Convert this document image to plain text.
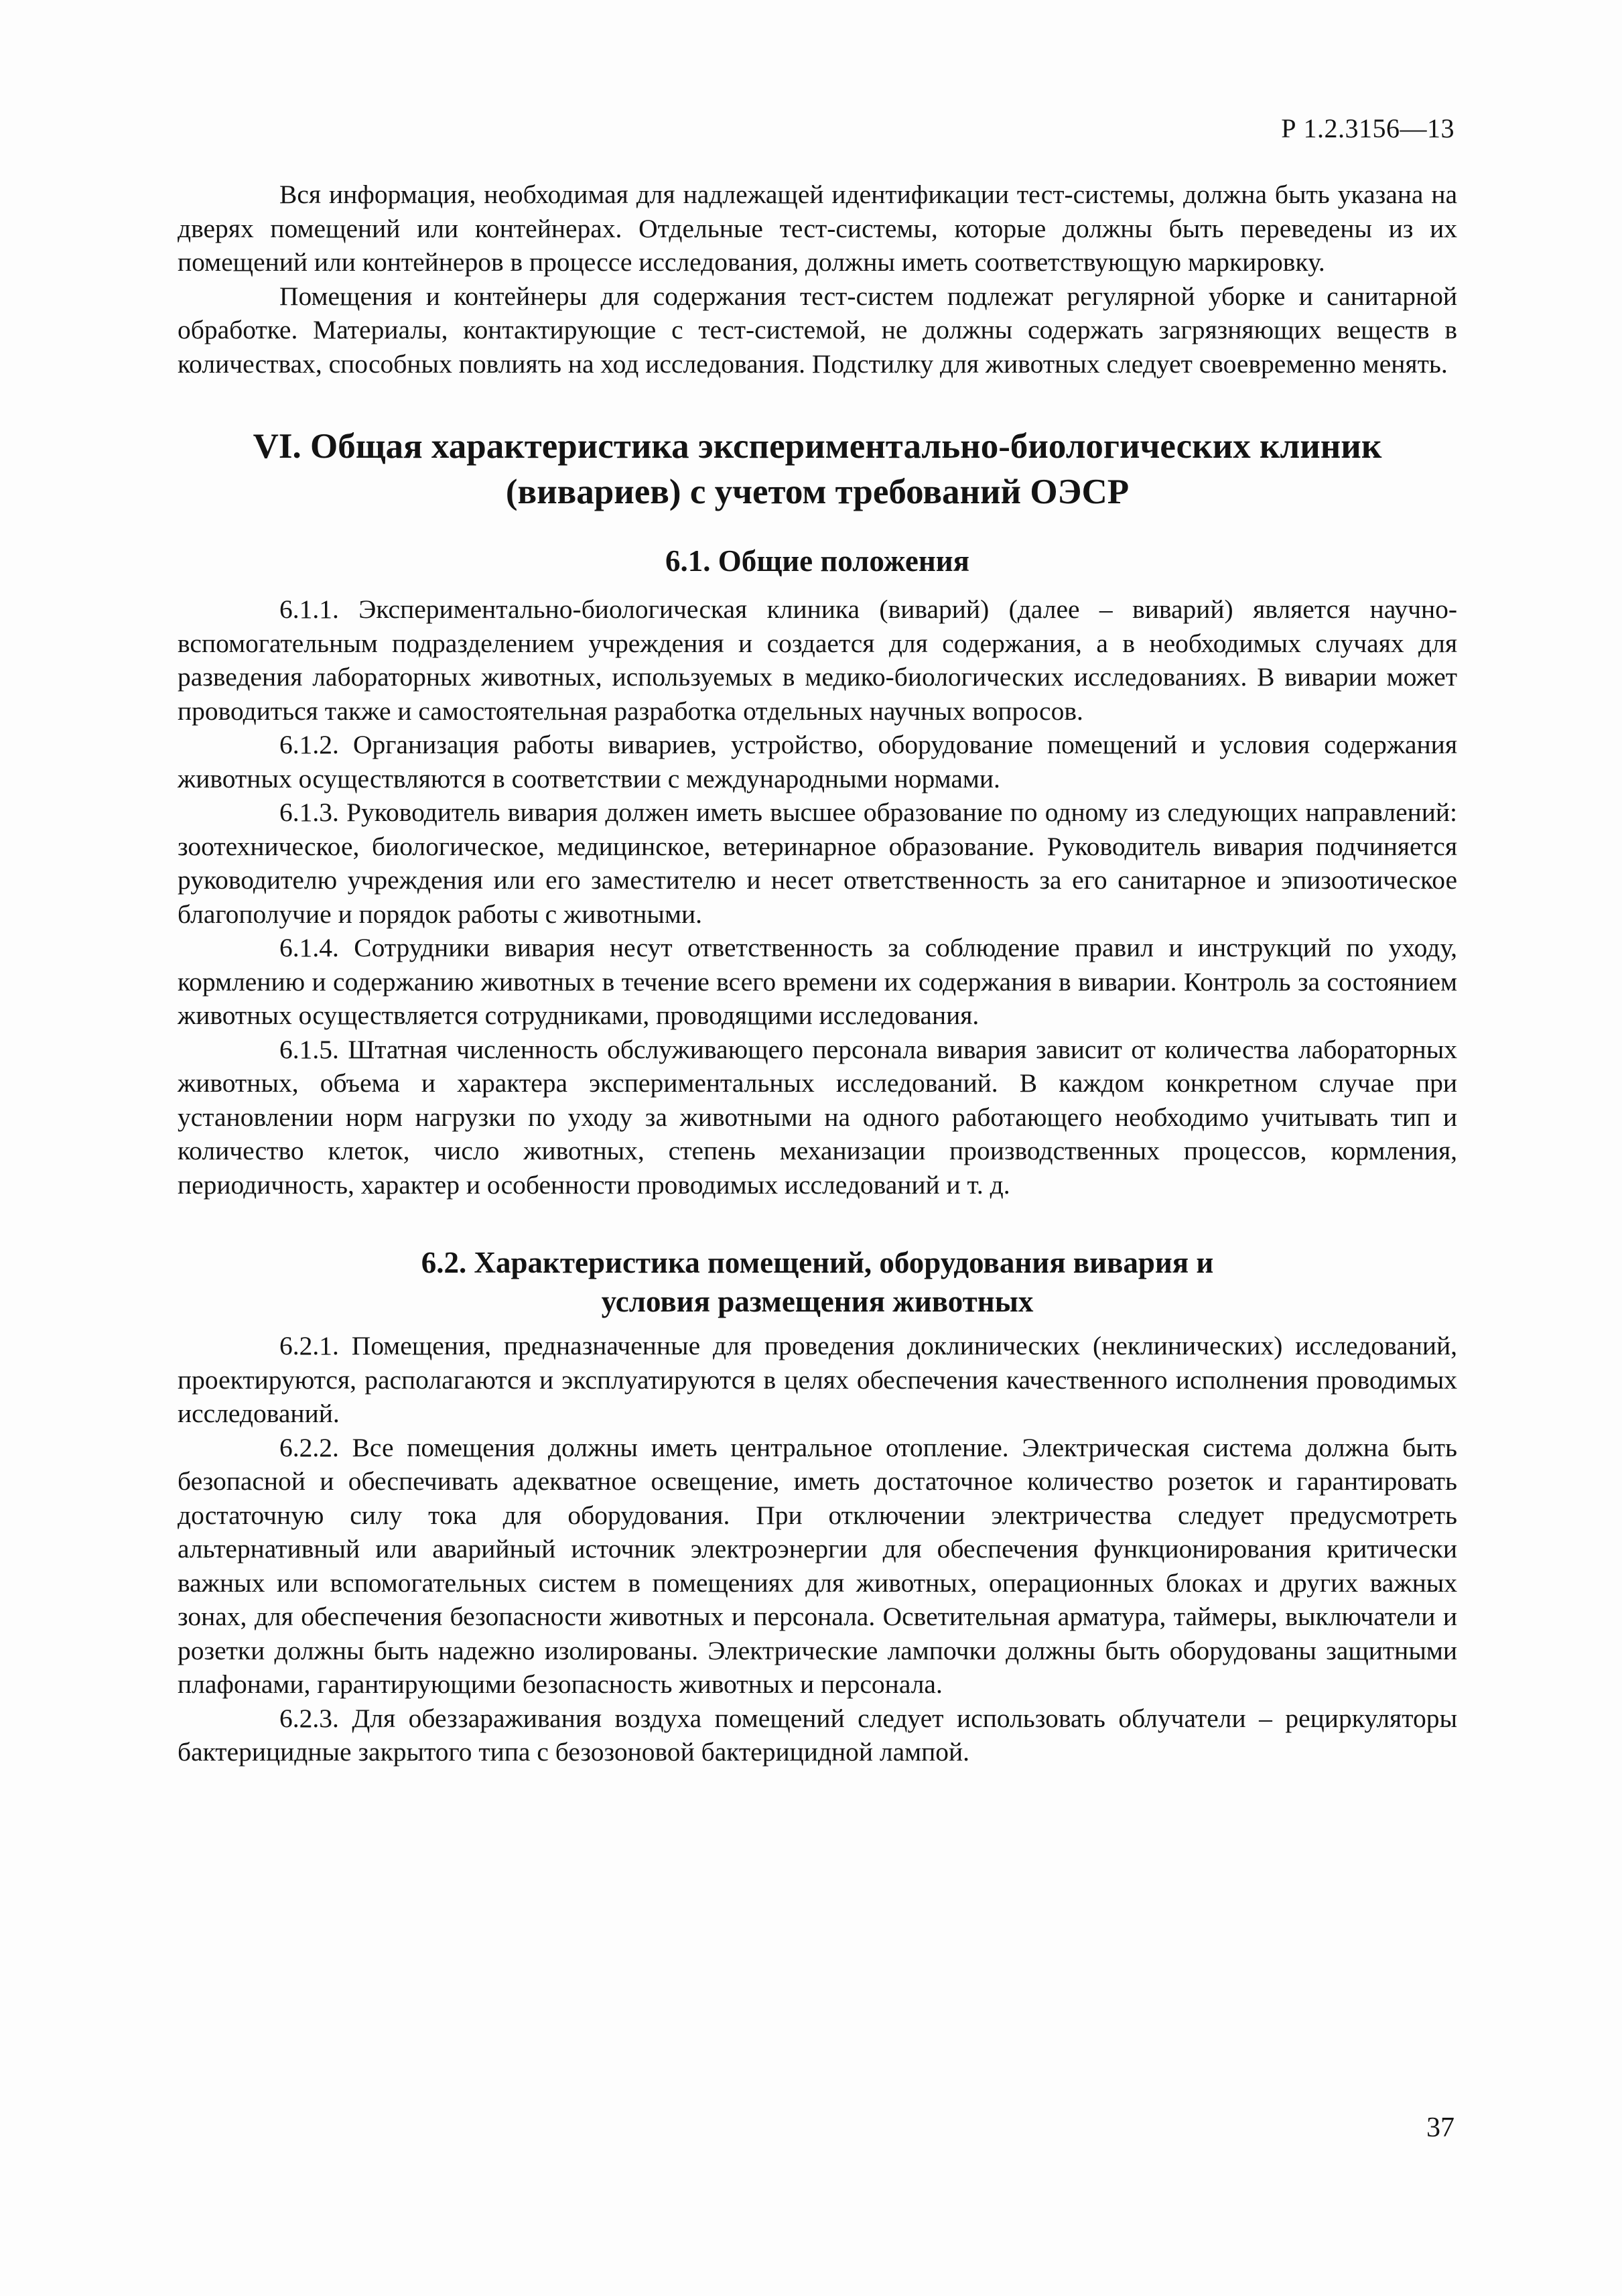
Р 1.2.3156—13

Вся информация, необходимая для надлежащей идентификации тест-системы, должна быть указана на дверях помещений или контейнерах. Отдельные тест-системы, которые должны быть переведены из их помещений или контейнеров в процессе исследования, должны иметь соответствующую маркировку.

Помещения и контейнеры для содержания тест-систем подлежат регулярной уборке и санитарной обработке. Материалы, контактирующие с тест-системой, не должны содержать загрязняющих веществ в количествах, способных повлиять на ход исследования. Подстилку для животных следует своевременно менять.

VI. Общая характеристика экспериментально-биологических клиник
(вивариев) с учетом требований ОЭСР
6.1. Общие положения

6.1.1. Экспериментально-биологическая клиника (виварий) (далее – виварий) является научно-вспомогательным подразделением учреждения и создается для содержания, а в необходимых случаях для разведения лабораторных животных, используемых в медико-биологических исследованиях. В виварии может проводиться также и самостоятельная разработка отдельных научных вопросов.

6.1.2. Организация работы вивариев, устройство, оборудование помещений и условия содержания животных осуществляются в соответствии с международными нормами.

6.1.3. Руководитель вивария должен иметь высшее образование по одному из следующих направлений: зоотехническое, биологическое, медицинское, ветеринарное образование. Руководитель вивария подчиняется руководителю учреждения или его заместителю и несет ответственность за его санитарное и эпизоотическое благополучие и порядок работы с животными.

6.1.4. Сотрудники вивария несут ответственность за соблюдение правил и инструкций по уходу, кормлению и содержанию животных в течение всего времени их содержания в виварии. Контроль за состоянием животных осуществляется сотрудниками, проводящими исследования.

6.1.5. Штатная численность обслуживающего персонала вивария зависит от количества лабораторных животных, объема и характера экспериментальных исследований. В каждом конкретном случае при установлении норм нагрузки по уходу за животными на одного работающего необходимо учитывать тип и количество клеток, число животных, степень механизации производственных процессов, кормления, периодичность, характер и особенности проводимых исследований и т. д.

6.2. Характеристика помещений, оборудования вивария и
условия размещения животных

6.2.1. Помещения, предназначенные для проведения доклинических (неклинических) исследований, проектируются, располагаются и эксплуатируются в целях обеспечения качественного исполнения проводимых исследований.

6.2.2. Все помещения должны иметь центральное отопление. Электрическая система должна быть безопасной и обеспечивать адекватное освещение, иметь достаточное количество розеток и гарантировать достаточную силу тока для оборудования. При отключении электричества следует предусмотреть альтернативный или аварийный источник электроэнергии для обеспечения функционирования критически важных или вспомогательных систем в помещениях для животных, операционных блоках и других важных зонах, для обеспечения безопасности животных и персонала. Осветительная арматура, таймеры, выключатели и розетки должны быть надежно изолированы. Электрические лампочки должны быть оборудованы защитными плафонами, гарантирующими безопасность животных и персонала.

6.2.3. Для обеззараживания воздуха помещений следует использовать облучатели – рециркуляторы бактерицидные закрытого типа с безозоновой бактерицидной лампой.

37
